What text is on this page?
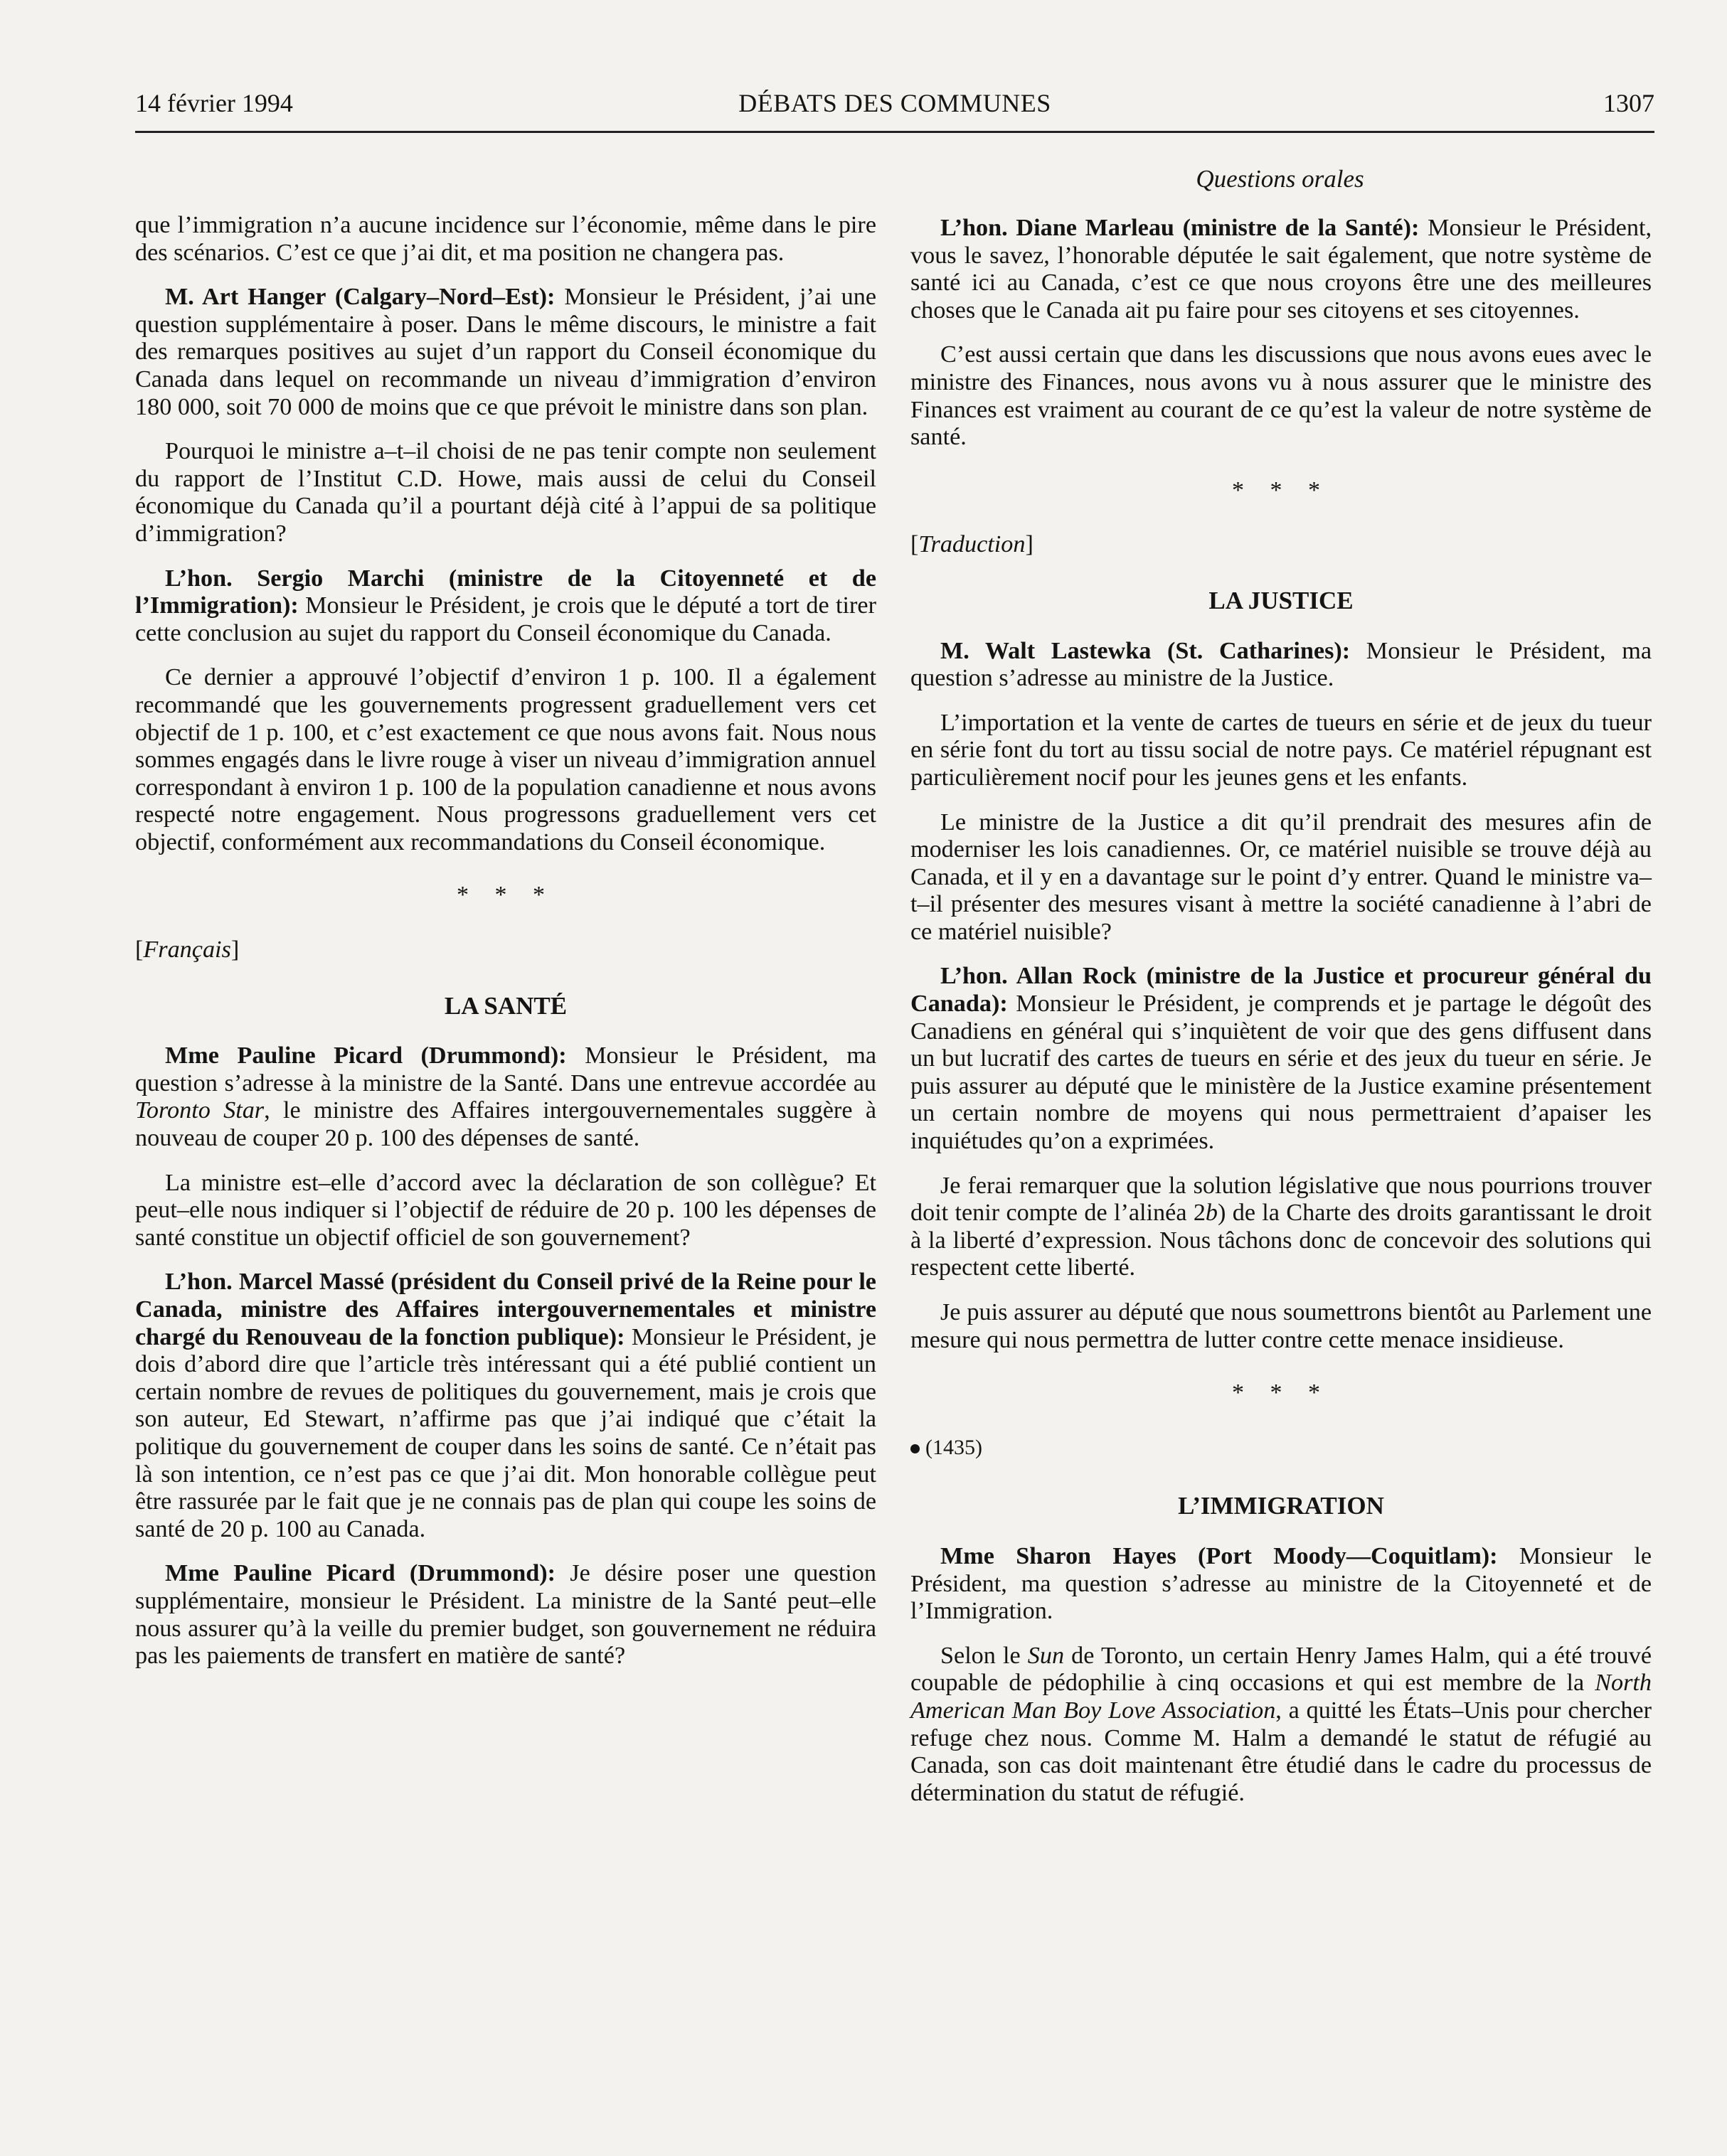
DÉBATS DES COMMUNES
14 février 1994	1307
Questions orales

que l’immigration n’a aucune incidence sur l’économie, même dans le pire des scénarios. C’est ce que j’ai dit, et ma position ne changera pas.

M. Art Hanger (Calgary–Nord–Est): Monsieur le Président, j’ai une question supplémentaire à poser. Dans le même discours, le ministre a fait des remarques positives au sujet d’un rapport du Conseil économique du Canada dans lequel on recommande un niveau d’immigration d’environ 180 000, soit 70 000 de moins que ce que prévoit le ministre dans son plan.

Pourquoi le ministre a–t–il choisi de ne pas tenir compte non seulement du rapport de l’Institut C.D. Howe, mais aussi de celui du Conseil économique du Canada qu’il a pourtant déjà cité à l’appui de sa politique d’immigration?

L’hon. Sergio Marchi (ministre de la Citoyenneté et de l’Immigration): Monsieur le Président, je crois que le député a tort de tirer cette conclusion au sujet du rapport du Conseil économique du Canada.

Ce dernier a approuvé l’objectif d’environ 1 p. 100. Il a également recommandé que les gouvernements progressent graduellement vers cet objectif de 1 p. 100, et c’est exactement ce que nous avons fait. Nous nous sommes engagés dans le livre rouge à viser un niveau d’immigration annuel correspondant à environ 1 p. 100 de la population canadienne et nous avons respecté notre engagement. Nous progressons graduellement vers cet objectif, conformément aux recommandations du Conseil économique.

* * *
[Français]
LA SANTÉ

Mme Pauline Picard (Drummond): Monsieur le Président, ma question s’adresse à la ministre de la Santé. Dans une entrevue accordée au Toronto Star, le ministre des Affaires intergouvernementales suggère à nouveau de couper 20 p. 100 des dépenses de santé.

La ministre est–elle d’accord avec la déclaration de son collègue? Et peut–elle nous indiquer si l’objectif de réduire de 20 p. 100 les dépenses de santé constitue un objectif officiel de son gouvernement?

L’hon. Marcel Massé (président du Conseil privé de la Reine pour le Canada, ministre des Affaires intergouvernementales et ministre chargé du Renouveau de la fonction publique): Monsieur le Président, je dois d’abord dire que l’article très intéressant qui a été publié contient un certain nombre de revues de politiques du gouvernement, mais je crois que son auteur, Ed Stewart, n’affirme pas que j’ai indiqué que c’était la politique du gouvernement de couper dans les soins de santé. Ce n’était pas là son intention, ce n’est pas ce que j’ai dit. Mon honorable collègue peut être rassurée par le fait que je ne connais pas de plan qui coupe les soins de santé de 20 p. 100 au Canada.

Mme Pauline Picard (Drummond): Je désire poser une question supplémentaire, monsieur le Président. La ministre de la Santé peut–elle nous assurer qu’à la veille du premier budget, son gouvernement ne réduira pas les paiements de transfert en matière de santé?

L’hon. Diane Marleau (ministre de la Santé): Monsieur le Président, vous le savez, l’honorable députée le sait également, que notre système de santé ici au Canada, c’est ce que nous croyons être une des meilleures choses que le Canada ait pu faire pour ses citoyens et ses citoyennes.

C’est aussi certain que dans les discussions que nous avons eues avec le ministre des Finances, nous avons vu à nous assurer que le ministre des Finances est vraiment au courant de ce qu’est la valeur de notre système de santé.

* * *
[Traduction]
LA JUSTICE

M. Walt Lastewka (St. Catharines): Monsieur le Président, ma question s’adresse au ministre de la Justice.

L’importation et la vente de cartes de tueurs en série et de jeux du tueur en série font du tort au tissu social de notre pays. Ce matériel répugnant est particulièrement nocif pour les jeunes gens et les enfants.

Le ministre de la Justice a dit qu’il prendrait des mesures afin de moderniser les lois canadiennes. Or, ce matériel nuisible se trouve déjà au Canada, et il y en a davantage sur le point d’y entrer. Quand le ministre va–t–il présenter des mesures visant à mettre la société canadienne à l’abri de ce matériel nuisible?

L’hon. Allan Rock (ministre de la Justice et procureur général du Canada): Monsieur le Président, je comprends et je partage le dégoût des Canadiens en général qui s’inquiètent de voir que des gens diffusent dans un but lucratif des cartes de tueurs en série et des jeux du tueur en série. Je puis assurer au député que le ministère de la Justice examine présentement un certain nombre de moyens qui nous permettraient d’apaiser les inquiétudes qu’on a exprimées.

Je ferai remarquer que la solution législative que nous pourrions trouver doit tenir compte de l’alinéa 2b) de la Charte des droits garantissant le droit à la liberté d’expression. Nous tâchons donc de concevoir des solutions qui respectent cette liberté.

Je puis assurer au député que nous soumettrons bientôt au Parlement une mesure qui nous permettra de lutter contre cette menace insidieuse.

* * *
(1435)
L’IMMIGRATION

Mme Sharon Hayes (Port Moody—Coquitlam): Monsieur le Président, ma question s’adresse au ministre de la Citoyenneté et de l’Immigration.

Selon le Sun de Toronto, un certain Henry James Halm, qui a été trouvé coupable de pédophilie à cinq occasions et qui est membre de la North American Man Boy Love Association, a quitté les États–Unis pour chercher refuge chez nous. Comme M. Halm a demandé le statut de réfugié au Canada, son cas doit maintenant être étudié dans le cadre du processus de détermination du statut de réfugié.
